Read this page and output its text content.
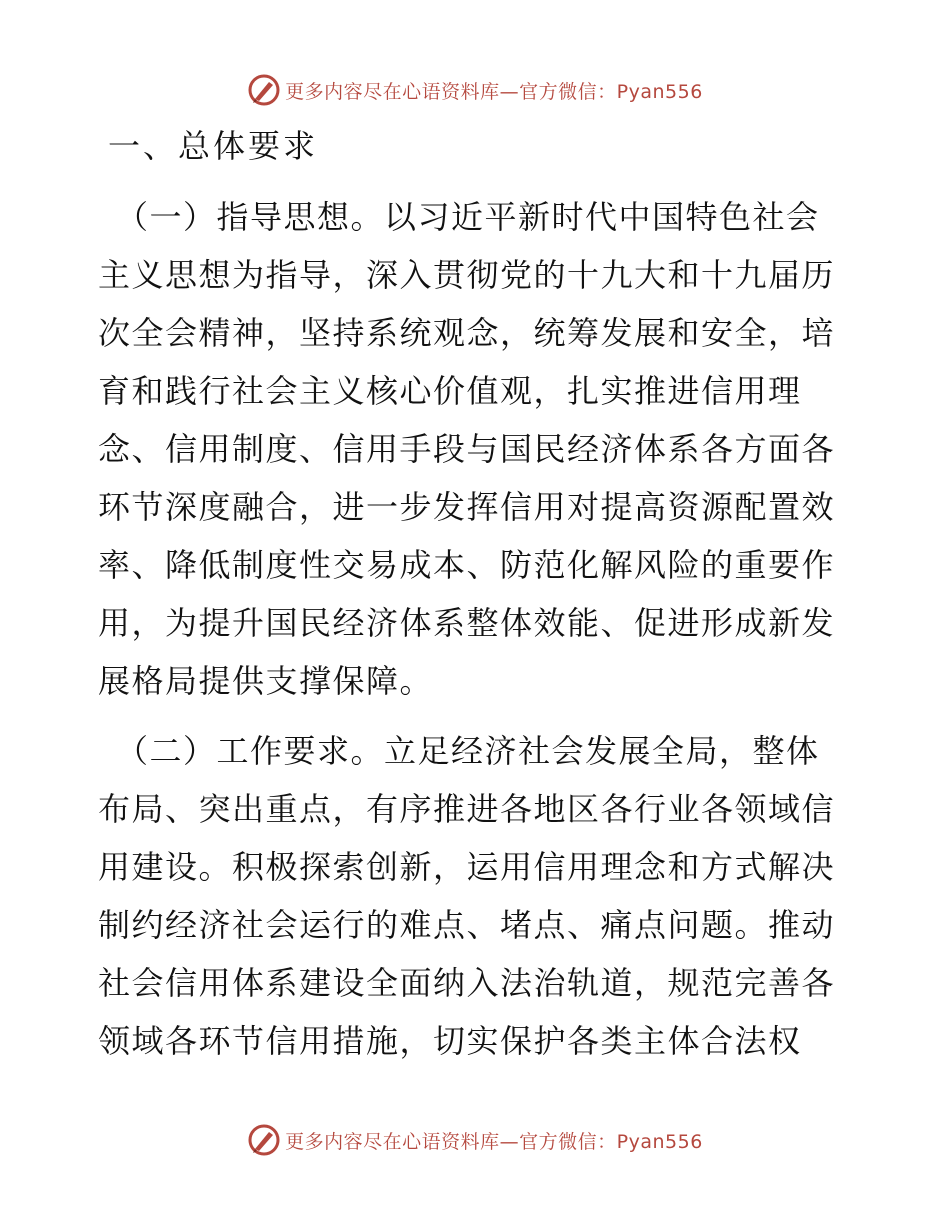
更多内容尽在心语资料库—官方微信：Pyan556
一、总体要求
（一）指导思想。以习近平新时代中国特色社会
主义思想为指导，深入贯彻党的十九大和十九届历
次全会精神，坚持系统观念，统筹发展和安全，培
育和践行社会主义核心价值观，扎实推进信用理
念、信用制度、信用手段与国民经济体系各方面各
环节深度融合，进一步发挥信用对提高资源配置效
率、降低制度性交易成本、防范化解风险的重要作
用，为提升国民经济体系整体效能、促进形成新发
展格局提供支撑保障。
（二）工作要求。立足经济社会发展全局，整体
布局、突出重点，有序推进各地区各行业各领域信
用建设。积极探索创新，运用信用理念和方式解决
制约经济社会运行的难点、堵点、痛点问题。推动
社会信用体系建设全面纳入法治轨道，规范完善各
领域各环节信用措施，切实保护各类主体合法权
更多内容尽在心语资料库—官方微信：Pyan556
